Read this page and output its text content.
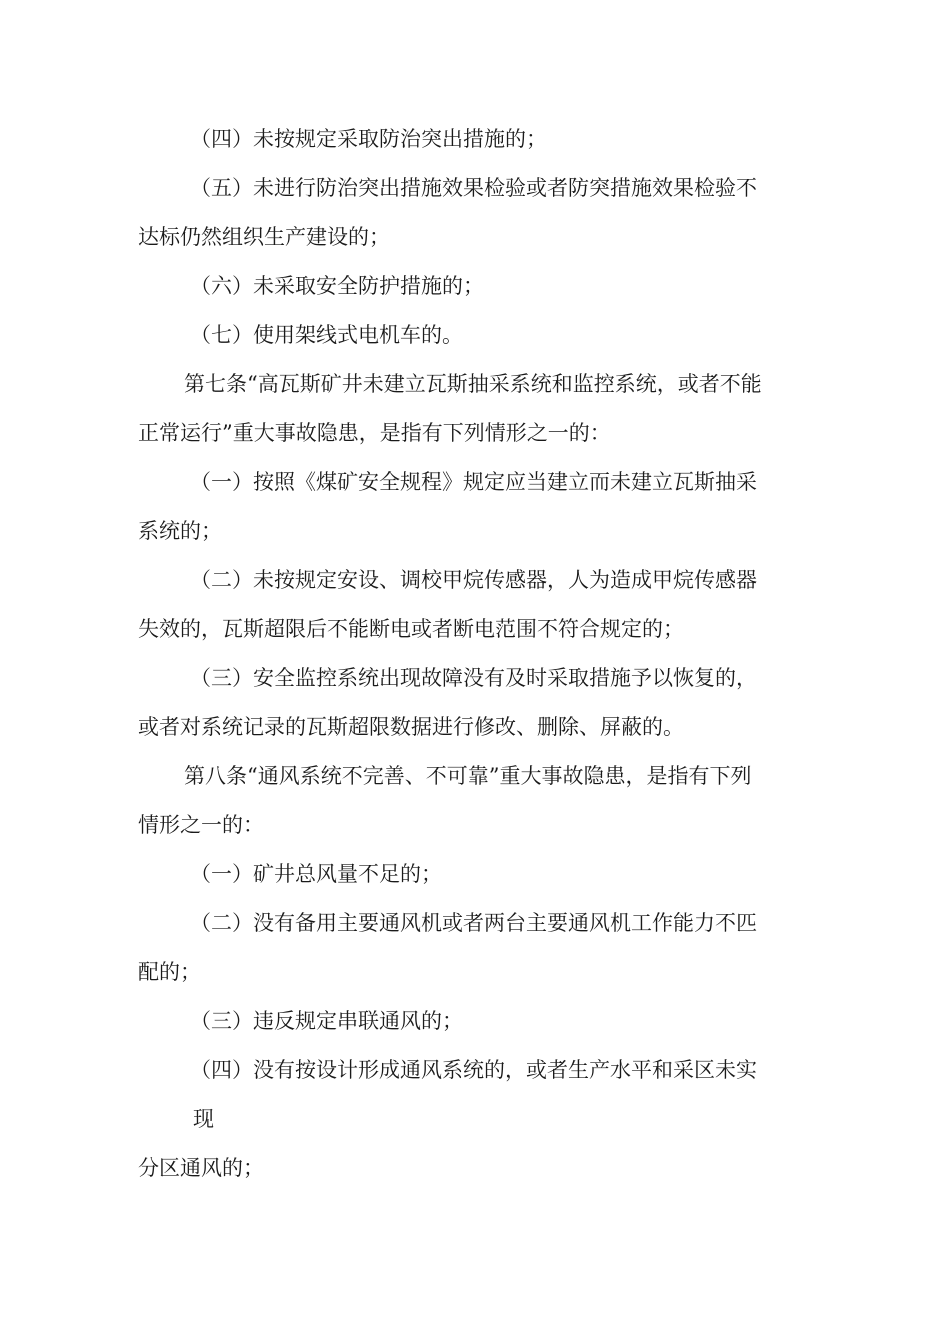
（四）未按规定采取防治突出措施的；
（五）未进行防治突出措施效果检验或者防突措施效果检验不
达标仍然组织生产建设的；
（六）未采取安全防护措施的；
（七）使用架线式电机车的。
第七条“高瓦斯矿井未建立瓦斯抽采系统和监控系统，或者不能
正常运行”重大事故隐患，是指有下列情形之一的：
（一）按照《煤矿安全规程》规定应当建立而未建立瓦斯抽采
系统的；
（二）未按规定安设、调校甲烷传感器，人为造成甲烷传感器
失效的，瓦斯超限后不能断电或者断电范围不符合规定的；
（三）安全监控系统出现故障没有及时采取措施予以恢复的，
或者对系统记录的瓦斯超限数据进行修改、删除、屏蔽的。
第八条“通风系统不完善、不可靠”重大事故隐患，是指有下列
情形之一的：
（一）矿井总风量不足的；
（二）没有备用主要通风机或者两台主要通风机工作能力不匹
配的；
（三）违反规定串联通风的；
（四）没有按设计形成通风系统的，或者生产水平和采区未实
现
分区通风的；
